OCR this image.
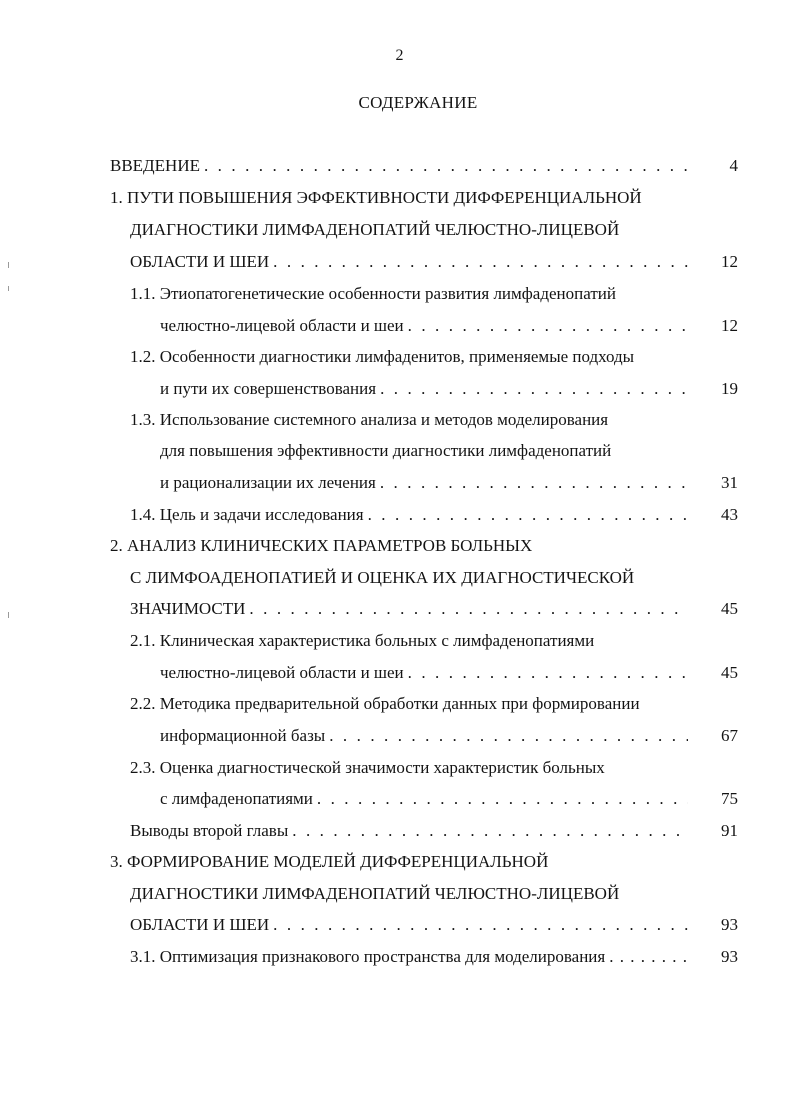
2
СОДЕРЖАНИЕ
ВВЕДЕНИЕ . . .	4
1. ПУТИ ПОВЫШЕНИЯ ЭФФЕКТИВНОСТИ ДИФФЕРЕНЦИАЛЬНОЙ
ДИАГНОСТИКИ ЛИМФАДЕНОПАТИЙ ЧЕЛЮСТНО-ЛИЦЕВОЙ
ОБЛАСТИ И ШЕИ . . .	12
1.1. Этиопатогенетические особенности развития лимфаденопатий
челюстно-лицевой области и шеи . . .	12
1.2. Особенности диагностики лимфаденитов, применяемые подходы
и пути их совершенствования . . .	19
1.3. Использование системного анализа и методов моделирования
для повышения эффективности диагностики лимфаденопатий
и рационализации их лечения . . .	31
1.4. Цель и задачи исследования . . .	43
2. АНАЛИЗ КЛИНИЧЕСКИХ ПАРАМЕТРОВ БОЛЬНЫХ
С ЛИМФОАДЕНОПАТИЕЙ И ОЦЕНКА ИХ ДИАГНОСТИЧЕСКОЙ
ЗНАЧИМОСТИ . . .	45
2.1. Клиническая характеристика больных с лимфаденопатиями
челюстно-лицевой области и шеи . . .	45
2.2. Методика предварительной обработки данных при формировании
информационной базы . . .	67
2.3. Оценка диагностической значимости характеристик больных
с лимфаденопатиями . . .	75
Выводы второй главы . . .	91
3. ФОРМИРОВАНИЕ МОДЕЛЕЙ ДИФФЕРЕНЦИАЛЬНОЙ
ДИАГНОСТИКИ ЛИМФАДЕНОПАТИЙ ЧЕЛЮСТНО-ЛИЦЕВОЙ
ОБЛАСТИ И ШЕИ . . .	93
3.1. Оптимизация признакового пространства для моделирования . . .	93
